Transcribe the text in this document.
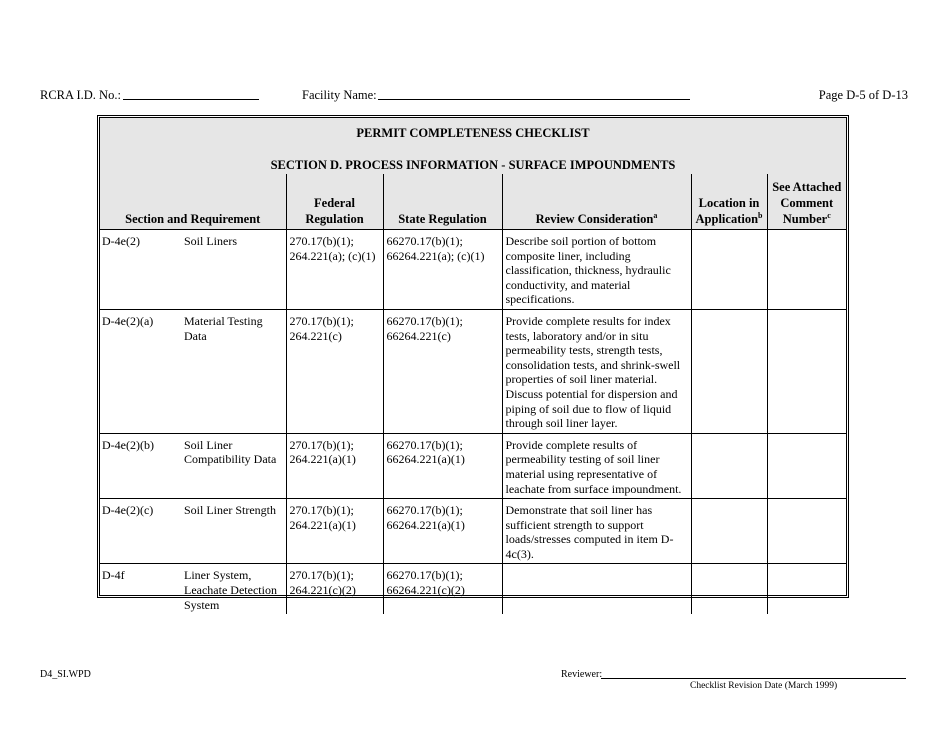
RCRA I.D. No.:	Facility Name:	Page D-5 of D-13
PERMIT COMPLETENESS CHECKLIST
SECTION D. PROCESS INFORMATION - SURFACE IMPOUNDMENTS
Section and Requirement	Federal Regulation	State Regulation	Review Consideration$^a$	Location in Application$^b$	See Attached Comment Number$^c$

D-4e(2) Soil Liners	270.17(b)(1); 264.221(a); (c)(1)	66270.17(b)(1); 66264.221(a); (c)(1)	Describe soil portion of bottom composite liner, including classification, thickness, hydraulic conductivity, and material specifications.		

D-4e(2)(a) Material Testing Data	270.17(b)(1); 264.221(c)	66270.17(b)(1); 66264.221(c)	Provide complete results for index tests, laboratory and/or in situ permeability tests, strength tests, consolidation tests, and shrink-swell properties of soil liner material. Discuss potential for dispersion and piping of soil due to flow of liquid through soil liner layer.		

D-4e(2)(b) Soil Liner Compatibility Data	270.17(b)(1); 264.221(a)(1)	66270.17(b)(1); 66264.221(a)(1)	Provide complete results of permeability testing of soil liner material using representative of leachate from surface impoundment.		

D-4e(2)(c) Soil Liner Strength	270.17(b)(1); 264.221(a)(1)	66270.17(b)(1); 66264.221(a)(1)	Demonstrate that soil liner has sufficient strength to support loads/stresses computed in item D-4c(3).		

D-4f Liner System, Leachate Detection System	270.17(b)(1); 264.221(c)(2)	66270.17(b)(1); 66264.221(c)(2)			
D4_SI.WPD	Reviewer:
Checklist Revision Date (March 1999)
